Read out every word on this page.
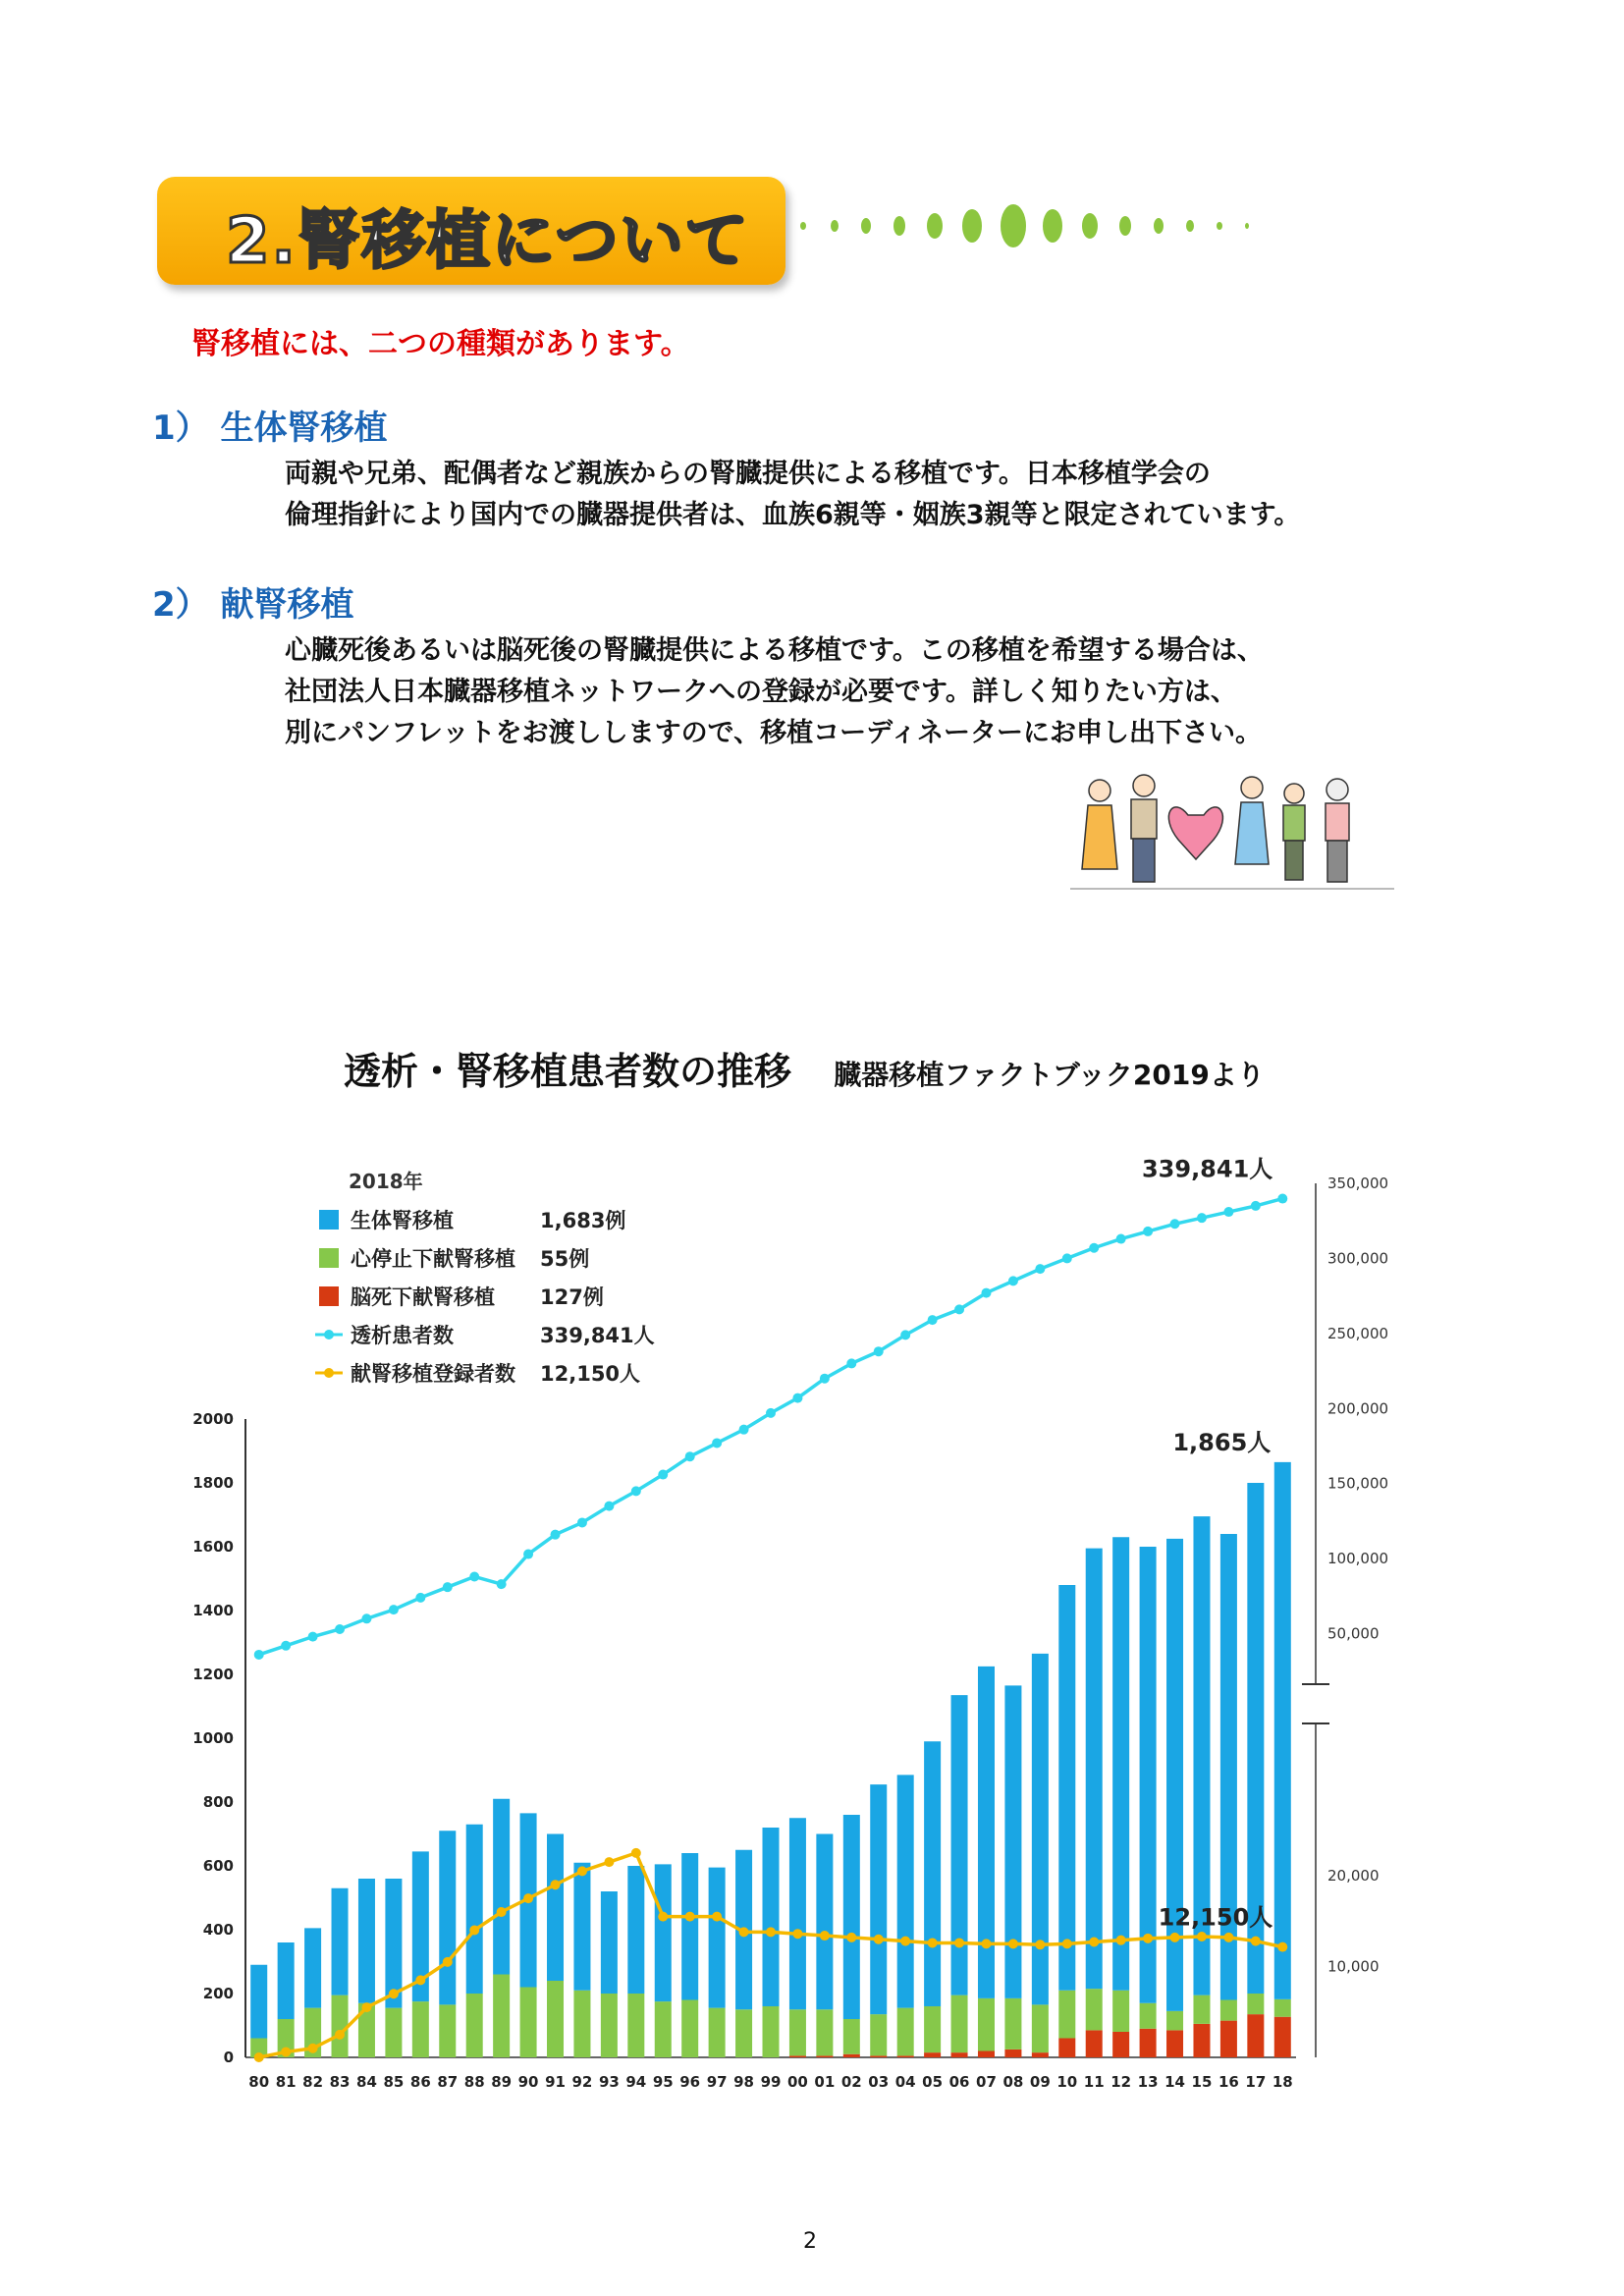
2.腎移植について
腎移植には、二つの種類があります。
1） 生体腎移植
両親や兄弟、配偶者など親族からの腎臓提供による移植です。日本移植学会の
倫理指針により国内での臓器提供者は、血族6親等・姻族3親等と限定されています。
2） 献腎移植
心臓死後あるいは脳死後の腎臓提供による移植です。この移植を希望する場合は、
社団法人日本臓器移植ネットワークへの登録が必要です。詳しく知りたい方は、
別にパンフレットをお渡ししますので、移植コーディネーターにお申し出下さい。
透析・腎移植患者数の推移 臓器移植ファクトブック2019より
0
200
400
600
800
1000
1200
1400
1600
1800
2000
80 81 82 83 84 85 86 87 88 89 90 91 92 93 94 95 96 97 98 99 00 01 02 03 04 05 06 07 08 09 10 11 12 13 14 15 16 17 18
1,865人
50,000
100,000
150,000
200,000
250,000
300,000
350,000
10,000
20,000
339,841人
12,150人
2018年
生体腎移植	1,683例
心停止下献腎移植 55例
脳死下献腎移植 127例
透析患者数	339,841人
献腎移植登録者数 12,150人
2
